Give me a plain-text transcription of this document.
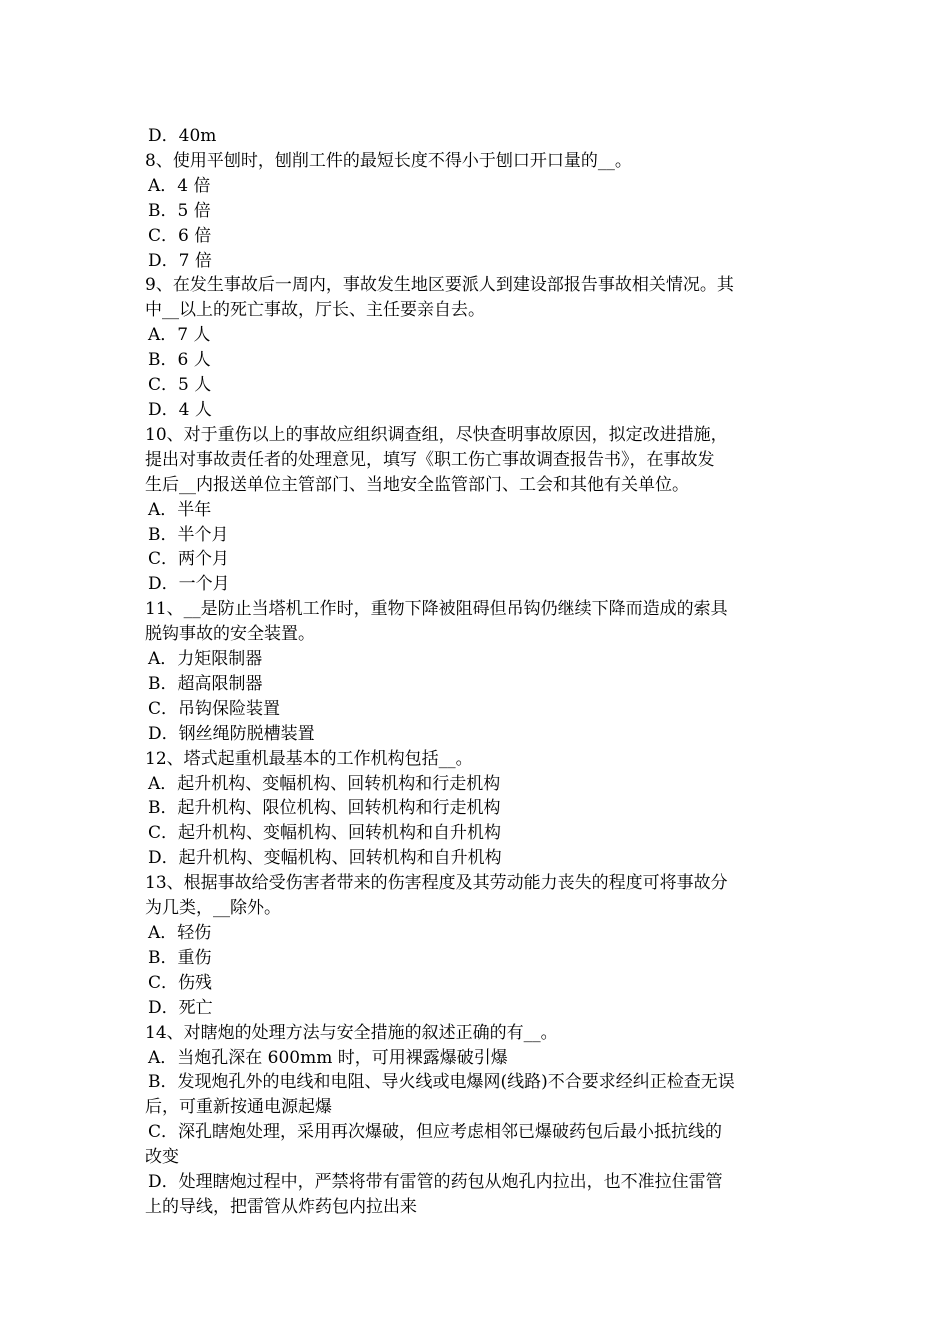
D．40m

8、使用平刨时，刨削工件的最短长度不得小于刨口开口量的__。

A．4 倍

B．5 倍

C．6 倍

D．7 倍

9、在发生事故后一周内，事故发生地区要派人到建设部报告事故相关情况。其

中__以上的死亡事故，厅长、主任要亲自去。

A．7 人

B．6 人

C．5 人

D．4 人

10、对于重伤以上的事故应组织调查组，尽快查明事故原因，拟定改进措施，

提出对事故责任者的处理意见，填写《职工伤亡事故调查报告书》，在事故发

生后__内报送单位主管部门、当地安全监管部门、工会和其他有关单位。

A．半年

B．半个月

C．两个月

D．一个月

11、__是防止当塔机工作时，重物下降被阻碍但吊钩仍继续下降而造成的索具

脱钩事故的安全装置。

A．力矩限制器

B．超高限制器

C．吊钩保险装置

D．钢丝绳防脱槽装置

12、塔式起重机最基本的工作机构包括__。

A．起升机构、变幅机构、回转机构和行走机构

B．起升机构、限位机构、回转机构和行走机构

C．起升机构、变幅机构、回转机构和自升机构

D．起升机构、变幅机构、回转机构和自升机构

13、根据事故给受伤害者带来的伤害程度及其劳动能力丧失的程度可将事故分

为几类，__除外。

A．轻伤

B．重伤

C．伤残

D．死亡

14、对瞎炮的处理方法与安全措施的叙述正确的有__。

A．当炮孔深在 600mm 时，可用裸露爆破引爆

B．发现炮孔外的电线和电阻、导火线或电爆网(线路)不合要求经纠正检查无误

后，可重新按通电源起爆

C．深孔瞎炮处理，采用再次爆破，但应考虑相邻已爆破药包后最小抵抗线的

改变

D．处理瞎炮过程中，严禁将带有雷管的药包从炮孔内拉出，也不准拉住雷管

上的导线，把雷管从炸药包内拉出来
